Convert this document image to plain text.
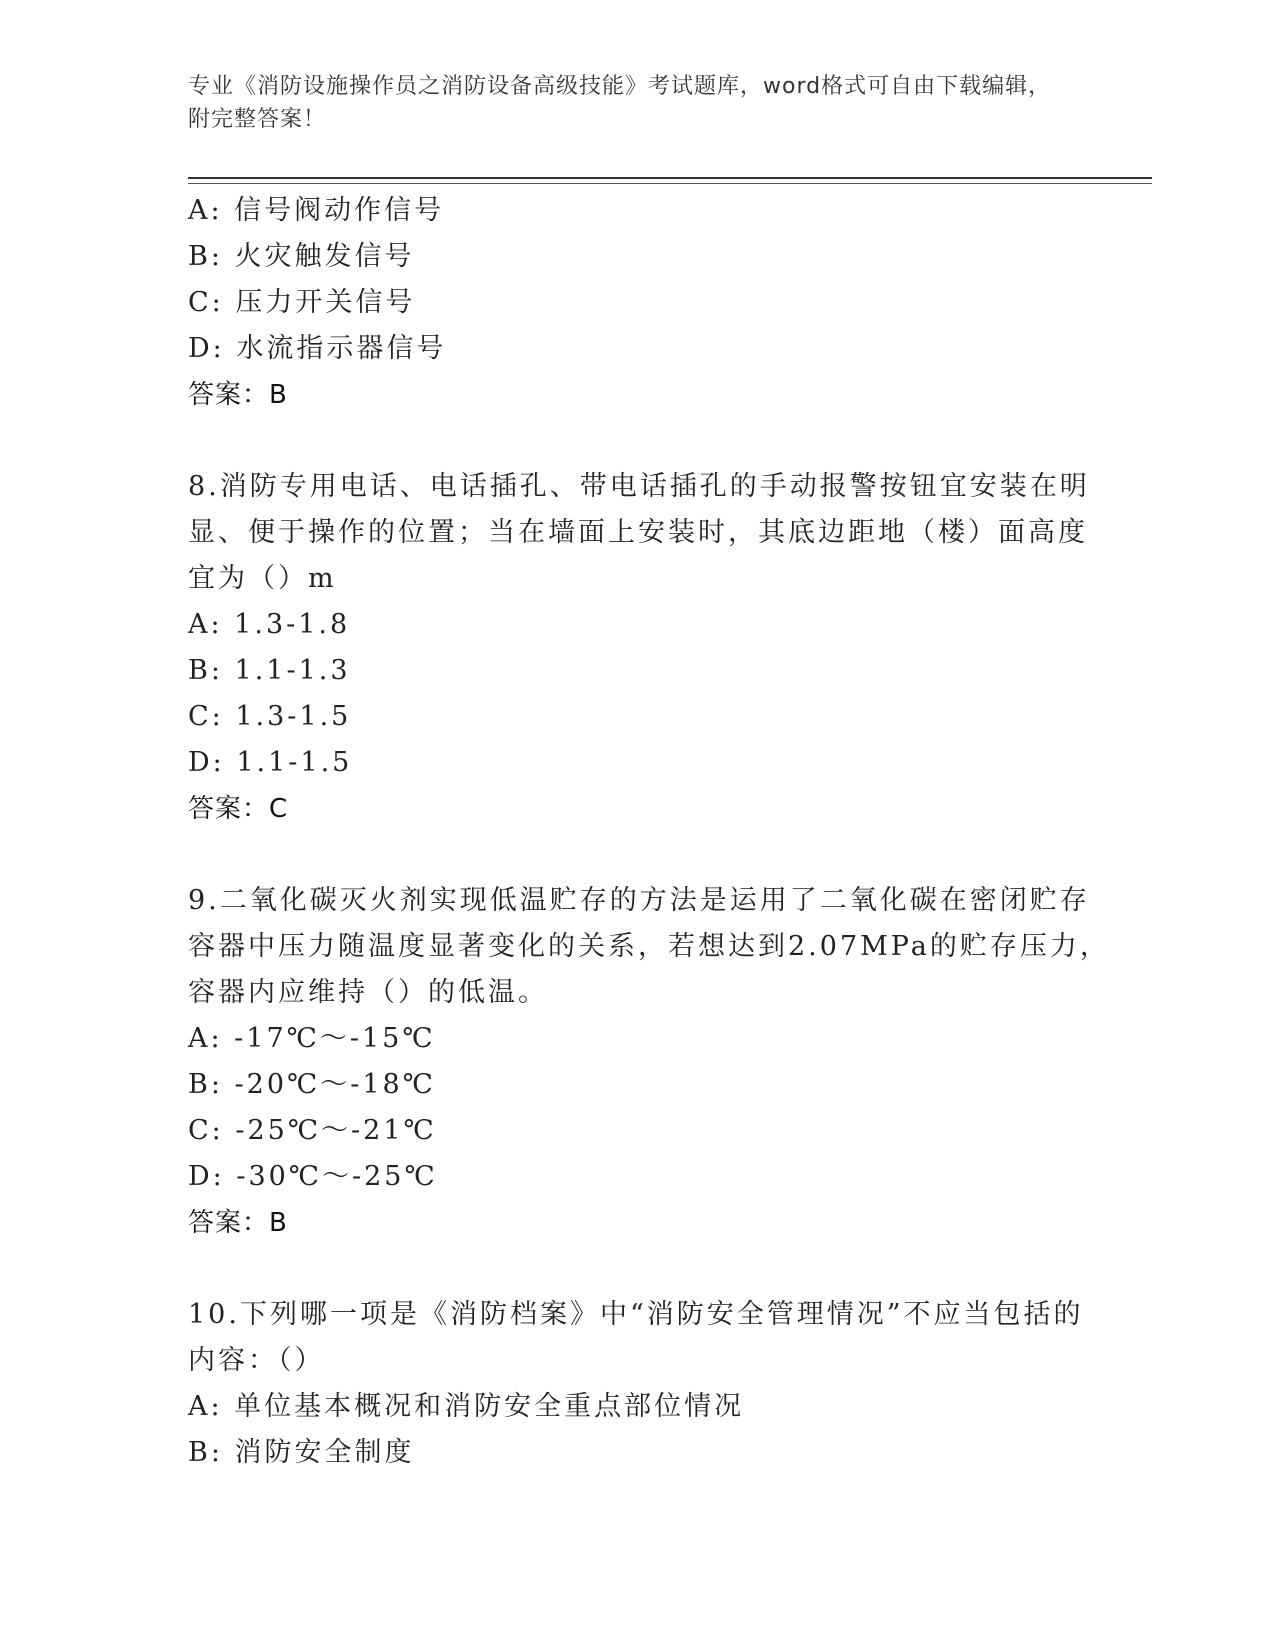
专业《消防设施操作员之消防设备高级技能》考试题库，word格式可自由下载编辑，附完整答案！
A: 信号阀动作信号
B: 火灾触发信号
C: 压力开关信号
D: 水流指示器信号
答案：B
8.消防专用电话、电话插孔、带电话插孔的手动报警按钮宜安装在明
显、便于操作的位置；当在墙面上安装时，其底边距地（楼）面高度
宜为（）m
A: 1.3-1.8
B: 1.1-1.3
C: 1.3-1.5
D: 1.1-1.5
答案：C
9.二氧化碳灭火剂实现低温贮存的方法是运用了二氧化碳在密闭贮存
容器中压力随温度显著变化的关系，若想达到2.07MPa的贮存压力，
容器内应维持（）的低温。
A: -17℃～-15℃
B: -20℃～-18℃
C: -25℃～-21℃
D: -30℃～-25℃
答案：B
10.下列哪一项是《消防档案》中“消防安全管理情况”不应当包括的
内容：（）
A: 单位基本概况和消防安全重点部位情况
B: 消防安全制度
